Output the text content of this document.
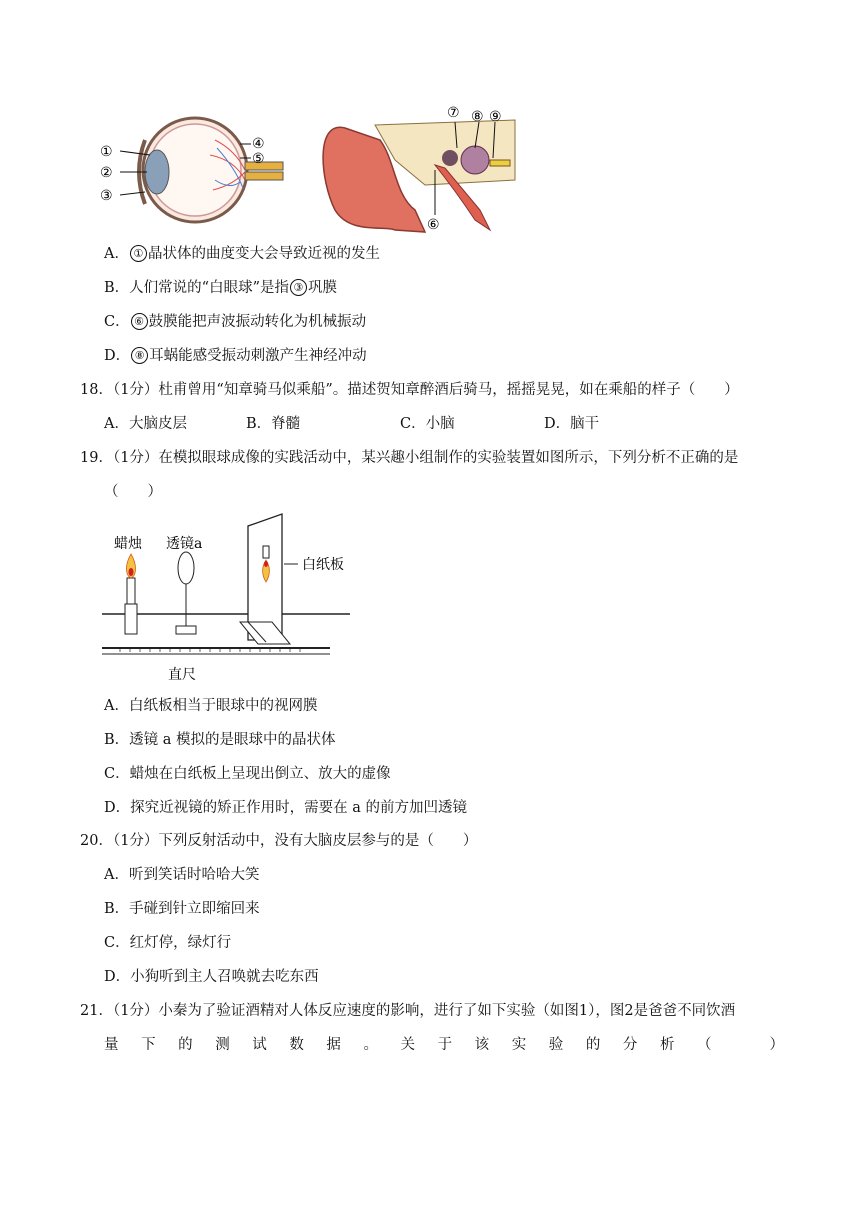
①
②
③
④
⑤
⑥
⑦ ⑧ ⑨
A． ① 晶状体的曲度变大会导致近视的发生
B．人们常说的“白眼球”是指 ③ 巩膜
C． ⑥ 鼓膜能把声波振动转化为机械振动
D． ⑧ 耳蜗能感受振动刺激产生神经冲动
18．（1分）杜甫曾用“知章骑马似乘船”。描述贺知章醉酒后骑马，摇摇晃晃，如在乘船的样子（　　）
A．大脑皮层	B．脊髓	C．小脑	D．脑干
19．（1分）在模拟眼球成像的实践活动中，某兴趣小组制作的实验装置如图所示，下列分析不正确的是
（　　）
蜡烛 透镜a
白纸板
直尺
A．白纸板相当于眼球中的视网膜
B．透镜 a 模拟的是眼球中的晶状体
C．蜡烛在白纸板上呈现出倒立、放大的虚像
D．探究近视镜的矫正作用时，需要在 a 的前方加凹透镜
20．（1分）下列反射活动中，没有大脑皮层参与的是（　　）
A．听到笑话时哈哈大笑
B．手碰到针立即缩回来
C．红灯停，绿灯行
D．小狗听到主人召唤就去吃东西
21．（1分）小秦为了验证酒精对人体反应速度的影响，进行了如下实验（如图1），图2是爸爸不同饮酒
量 下 的 测 试 数 据 。 关 于 该 实 验 的 分 析 （　　　　）
